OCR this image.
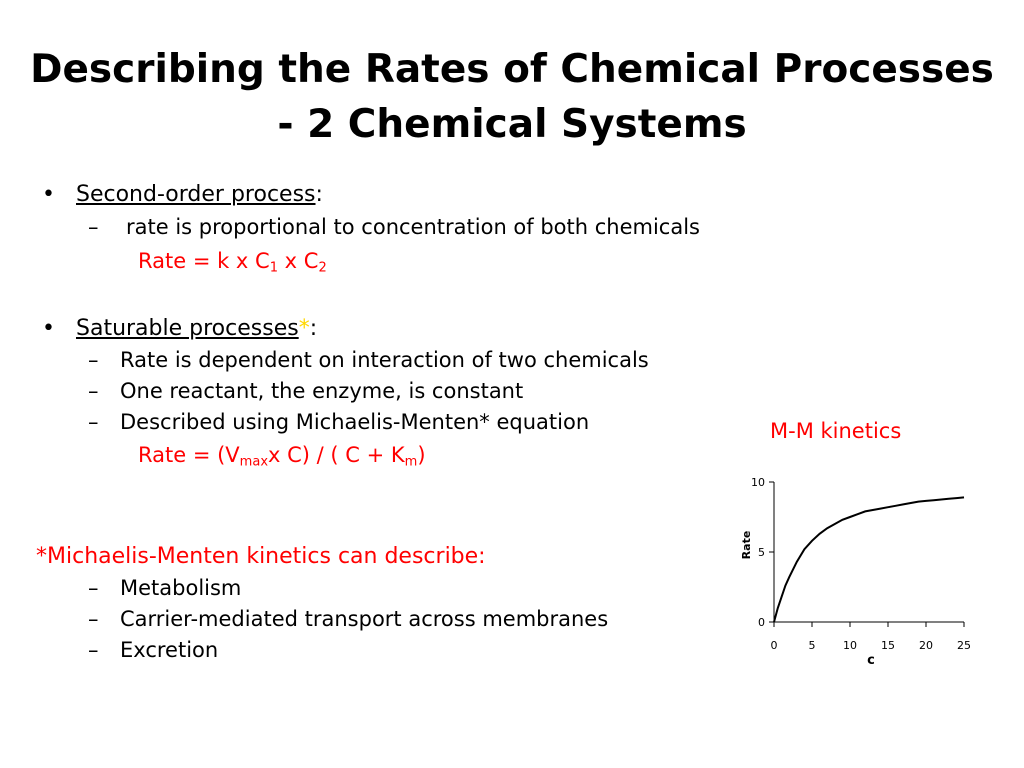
Describing the Rates of Chemical Processes
- 2 Chemical Systems
• Second-order process:
– rate is proportional to concentration of both chemicals
Rate = k x $C_1$ x $C_2$
• Saturable processes*:
– Rate is dependent on interaction of two chemicals
– One reactant, the enzyme, is constant
– Described using Michaelis-Menten* equation
Rate = ($V_{max}x$ C) / ( $C + K_m$)
*Michaelis-Menten kinetics can describe:
– Metabolism
– Carrier-mediated transport across membranes
– Excretion
M-M kinetics
0
5
10
0	5	10 15 20 25
c
Rate
